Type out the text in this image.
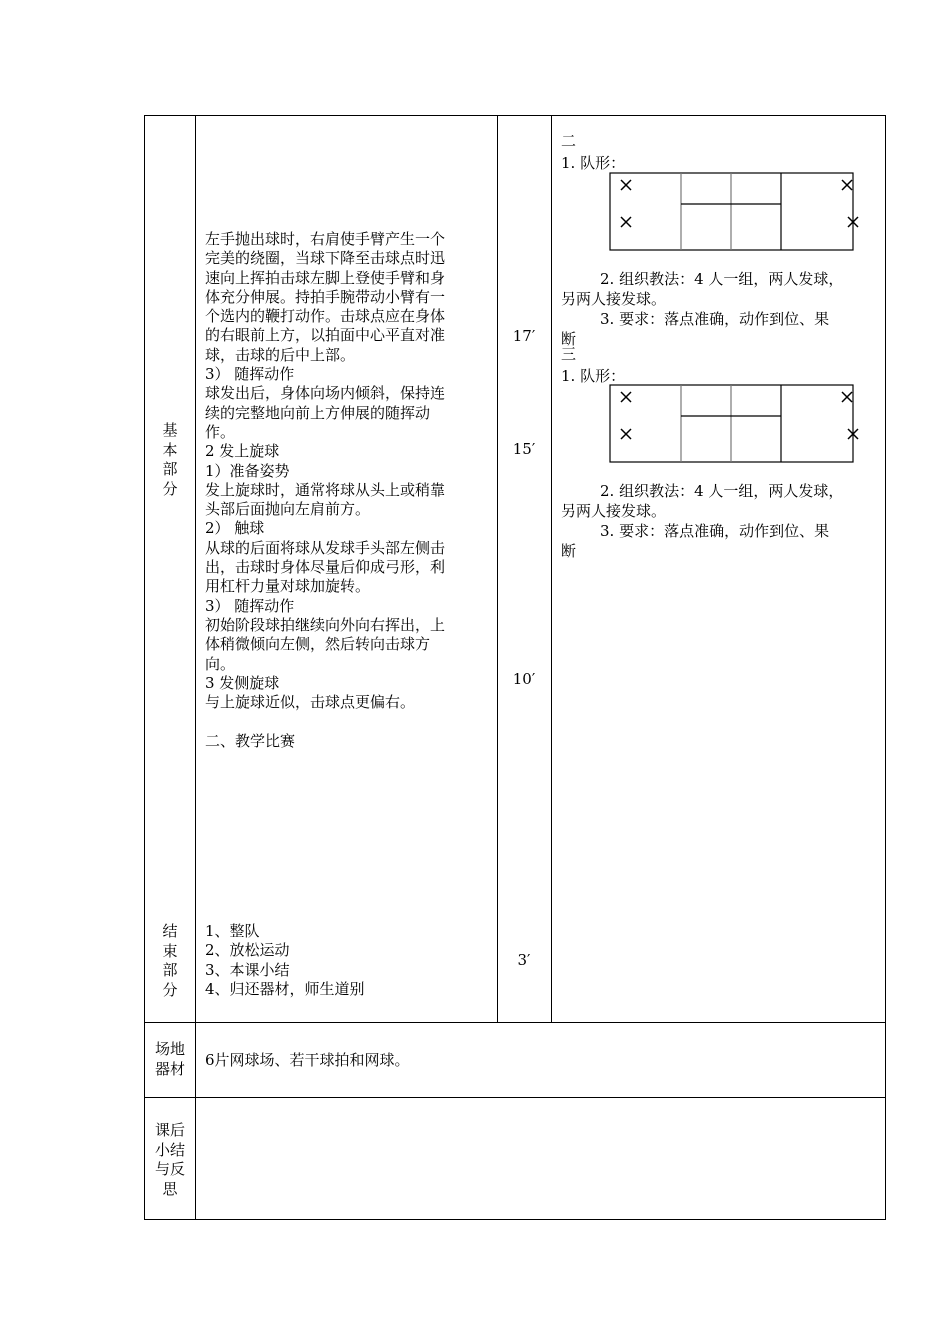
基本部分
结束部分
场地器材
课后小结与反思
左手抛出球时，右肩使手臂产生一个
完美的绕圈，当球下降至击球点时迅
速向上挥拍击球左脚上登使手臂和身
体充分伸展。持拍手腕带动小臂有一
个选内的鞭打动作。击球点应在身体
的右眼前上方，以拍面中心平直对准
球，击球的后中上部。
3） 随挥动作
球发出后，身体向场内倾斜，保持连
续的完整地向前上方伸展的随挥动
作。
2 发上旋球
1）准备姿势
发上旋球时，通常将球从头上或稍靠
头部后面抛向左肩前方。
2） 触球
从球的后面将球从发球手头部左侧击
出，击球时身体尽量后仰成弓形，利
用杠杆力量对球加旋转。
3） 随挥动作
初始阶段球拍继续向外向右挥出，上
体稍微倾向左侧，然后转向击球方
向。
3 发侧旋球
与上旋球近似，击球点更偏右。
二、教学比赛
1、整队
2、放松运动
3、本课小结
4、归还器材，师生道别
6片网球场、若干球拍和网球。
17′
15′
10′
3′
二
1. 队形：
2. 组织教法：4 人一组，两人发球，
另两人接发球。
3. 要求：落点准确，动作到位、果
断
三
1. 队形：
2. 组织教法：4 人一组，两人发球，
另两人接发球。
3. 要求：落点准确，动作到位、果
断
